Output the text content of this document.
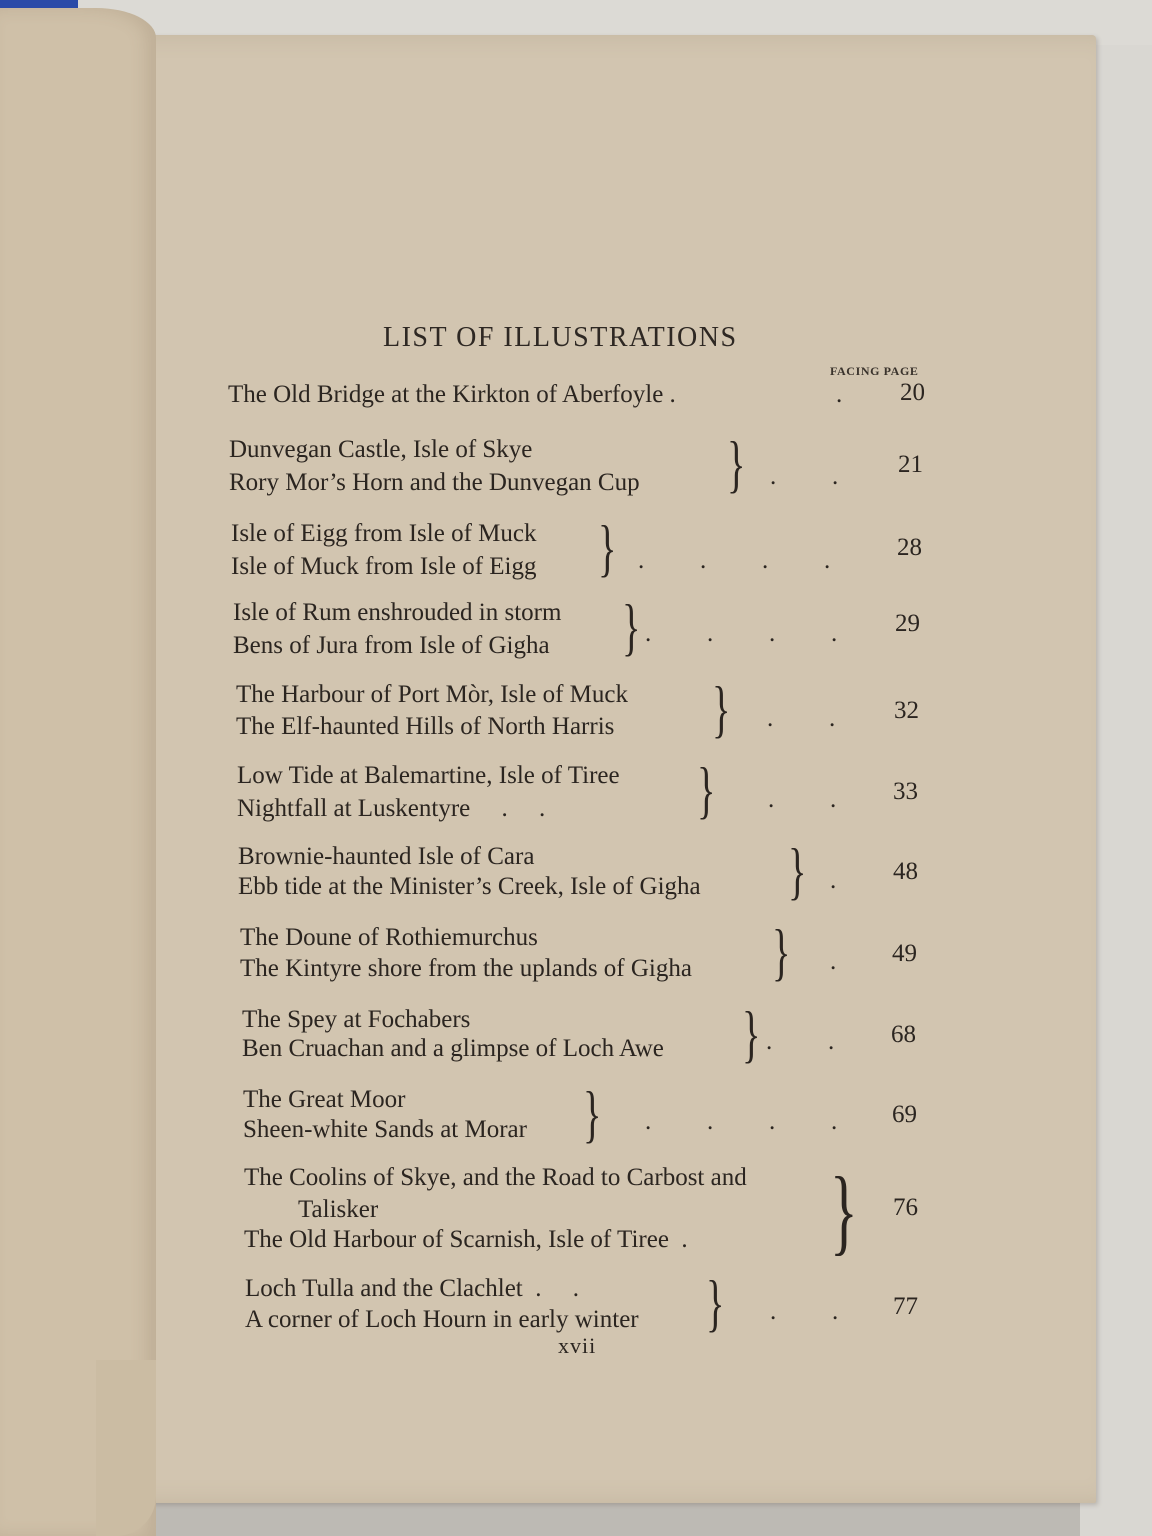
LIST OF ILLUSTRATIONS
FACING PAGE
The Old Bridge at the Kirkton of Aberfoyle .	. 20
Dunvegan Castle, Isle of Skye
Rory Mor’s Horn and the Dunvegan Cup } . .	21
Isle of Eigg from Isle of Muck
Isle of Muck from Isle of Eigg } . . . .	28
Isle of Rum enshrouded in storm
Bens of Jura from Isle of Gigha } . . . .	29
The Harbour of Port Mòr, Isle of Muck
The Elf-haunted Hills of North Harris } . .	32
Low Tide at Balemartine, Isle of Tiree
Nightfall at Luskentyre     .     . } . .	33
Brownie-haunted Isle of Cara
Ebb tide at the Minister’s Creek, Isle of Gigha } .	48
The Doune of Rothiemurchus
The Kintyre shore from the uplands of Gigha } .	49
The Spey at Fochabers
Ben Cruachan and a glimpse of Loch Awe } . .	68
The Great Moor
Sheen-white Sands at Morar } . . . .	69
The Coolins of Skye, and the Road to Carbost and
Talisker
The Old Harbour of Scarnish, Isle of Tiree  . } 76
Loch Tulla and the Clachlet  .     .
A corner of Loch Hourn in early winter } . .	77
xvii
